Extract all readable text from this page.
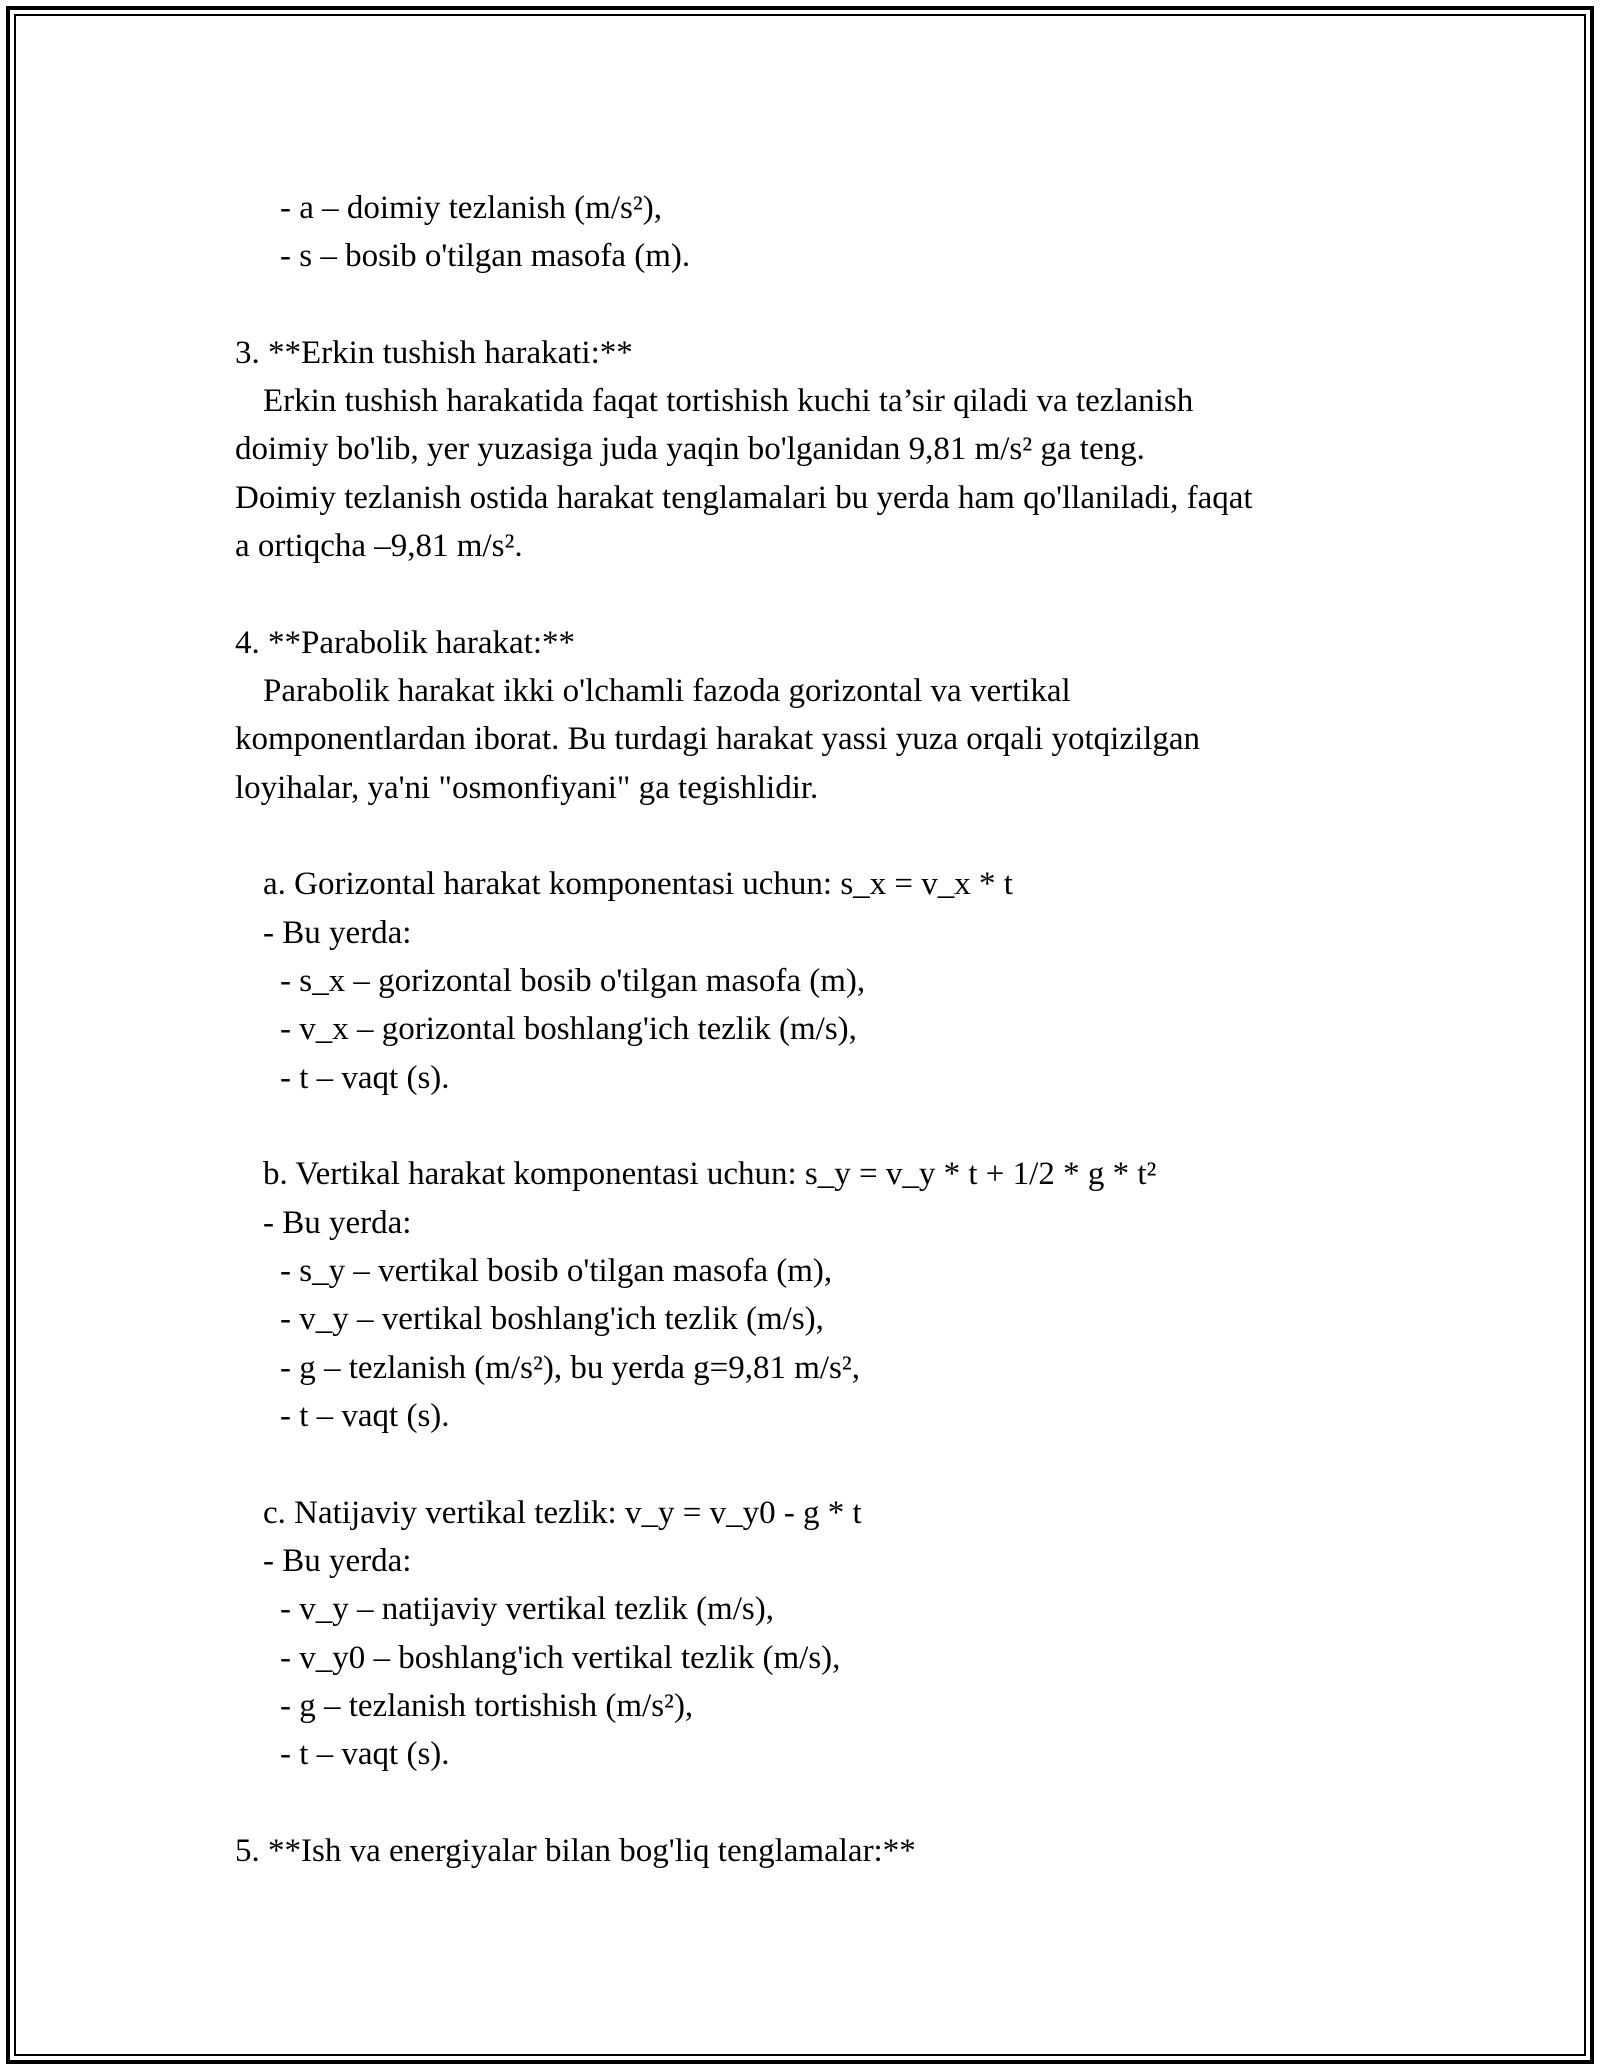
- a – doimiy tezlanish (m/s²),
- s – bosib o'tilgan masofa (m).
3. **Erkin tushish harakati:**
Erkin tushish harakatida faqat tortishish kuchi ta’sir qiladi va tezlanish
doimiy bo'lib, yer yuzasiga juda yaqin bo'lganidan 9,81 m/s² ga teng.
Doimiy tezlanish ostida harakat tenglamalari bu yerda ham qo'llaniladi, faqat
a ortiqcha –9,81 m/s².
4. **Parabolik harakat:**
Parabolik harakat ikki o'lchamli fazoda gorizontal va vertikal
komponentlardan iborat. Bu turdagi harakat yassi yuza orqali yotqizilgan
loyihalar, ya'ni "osmonfiyani" ga tegishlidir.
a. Gorizontal harakat komponentasi uchun: s_x = v_x * t
- Bu yerda:
- s_x – gorizontal bosib o'tilgan masofa (m),
- v_x – gorizontal boshlang'ich tezlik (m/s),
- t – vaqt (s).
b. Vertikal harakat komponentasi uchun: s_y = v_y * t + 1/2 * g * t²
- Bu yerda:
- s_y – vertikal bosib o'tilgan masofa (m),
- v_y – vertikal boshlang'ich tezlik (m/s),
- g – tezlanish (m/s²), bu yerda g=9,81 m/s²,
- t – vaqt (s).
c. Natijaviy vertikal tezlik: v_y = v_y0 - g * t
- Bu yerda:
- v_y – natijaviy vertikal tezlik (m/s),
- v_y0 – boshlang'ich vertikal tezlik (m/s),
- g – tezlanish tortishish (m/s²),
- t – vaqt (s).
5. **Ish va energiyalar bilan bog'liq tenglamalar:**
